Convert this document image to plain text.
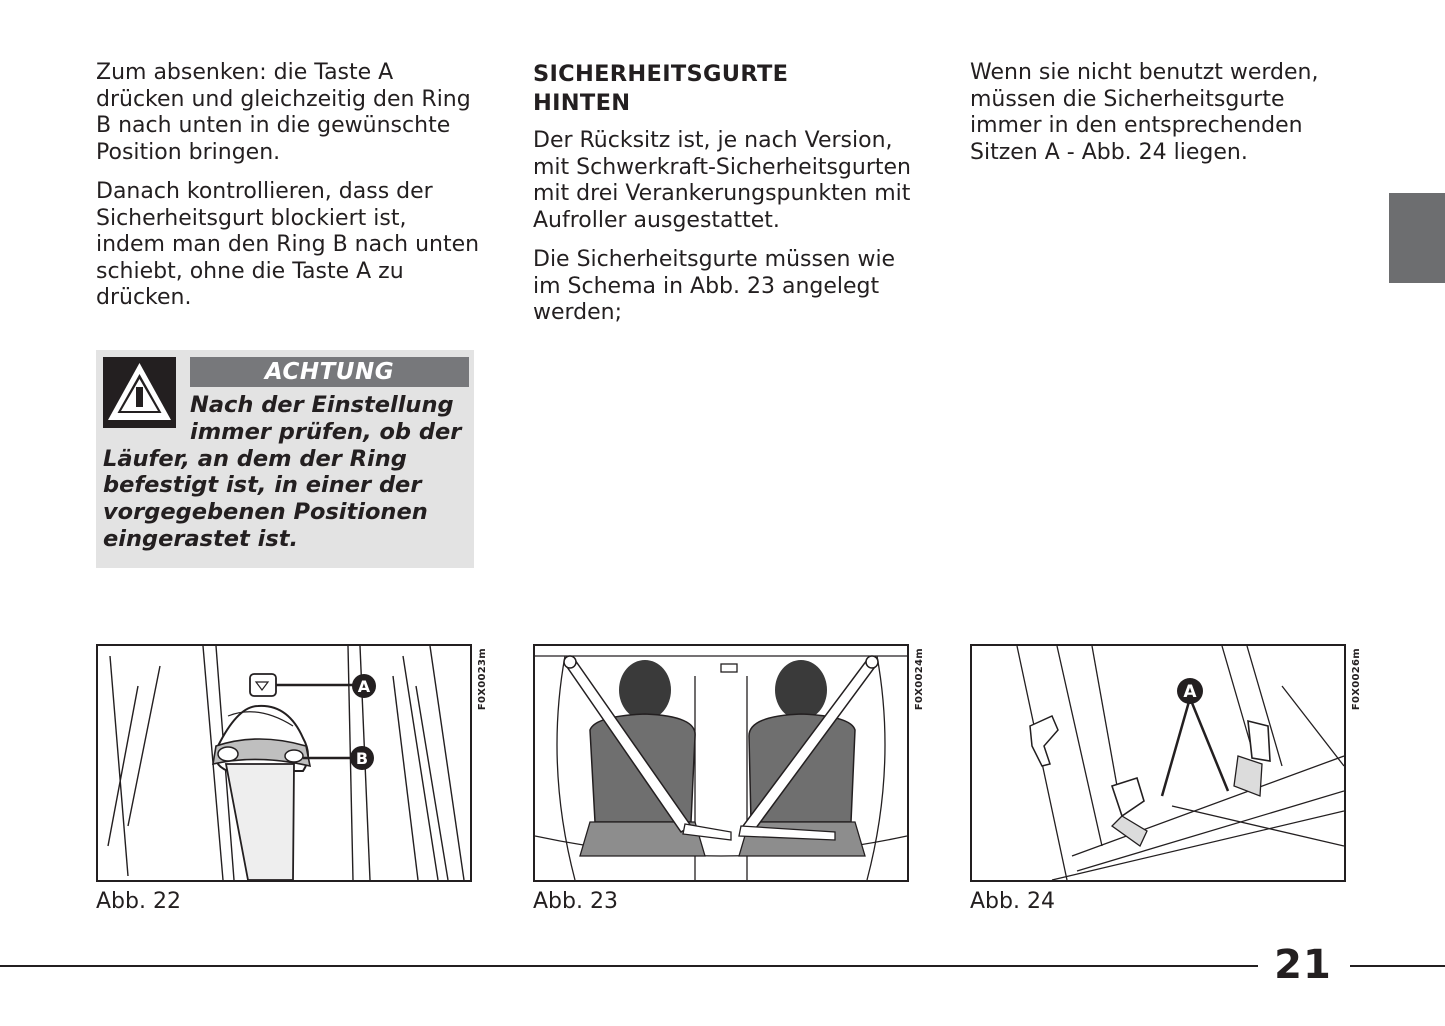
Zum absenken: die Taste A drücken und gleichzeitig den Ring B nach unten in die gewünschte Position bringen.

Danach kontrollieren, dass der Sicherheitsgurt blockiert ist, indem man den Ring B nach unten schiebt, ohne die Taste A zu drücken.

SICHERHEITSGURTE
HINTEN

Der Rücksitz ist, je nach Version, mit Schwerkraft-Sicherheitsgurten mit drei Verankerungspunkten mit Aufroller ausgestattet.

Die Sicherheitsgurte müssen wie im Schema in Abb. 23 angelegt werden;

Wenn sie nicht benutzt werden, müssen die Sicherheitsgurte immer in den entsprechenden Sitzen A - Abb. 24 liegen.

ACHTUNG
Nach der Einstellung immer prüfen, ob der Läufer, an dem der Ring befestigt ist, in einer der vorgegebenen Positionen eingerastet ist.
A
B
F0X0023m
Abb. 22
F0X0024m
Abb. 23
A	F0X0026m
Abb. 24
21
